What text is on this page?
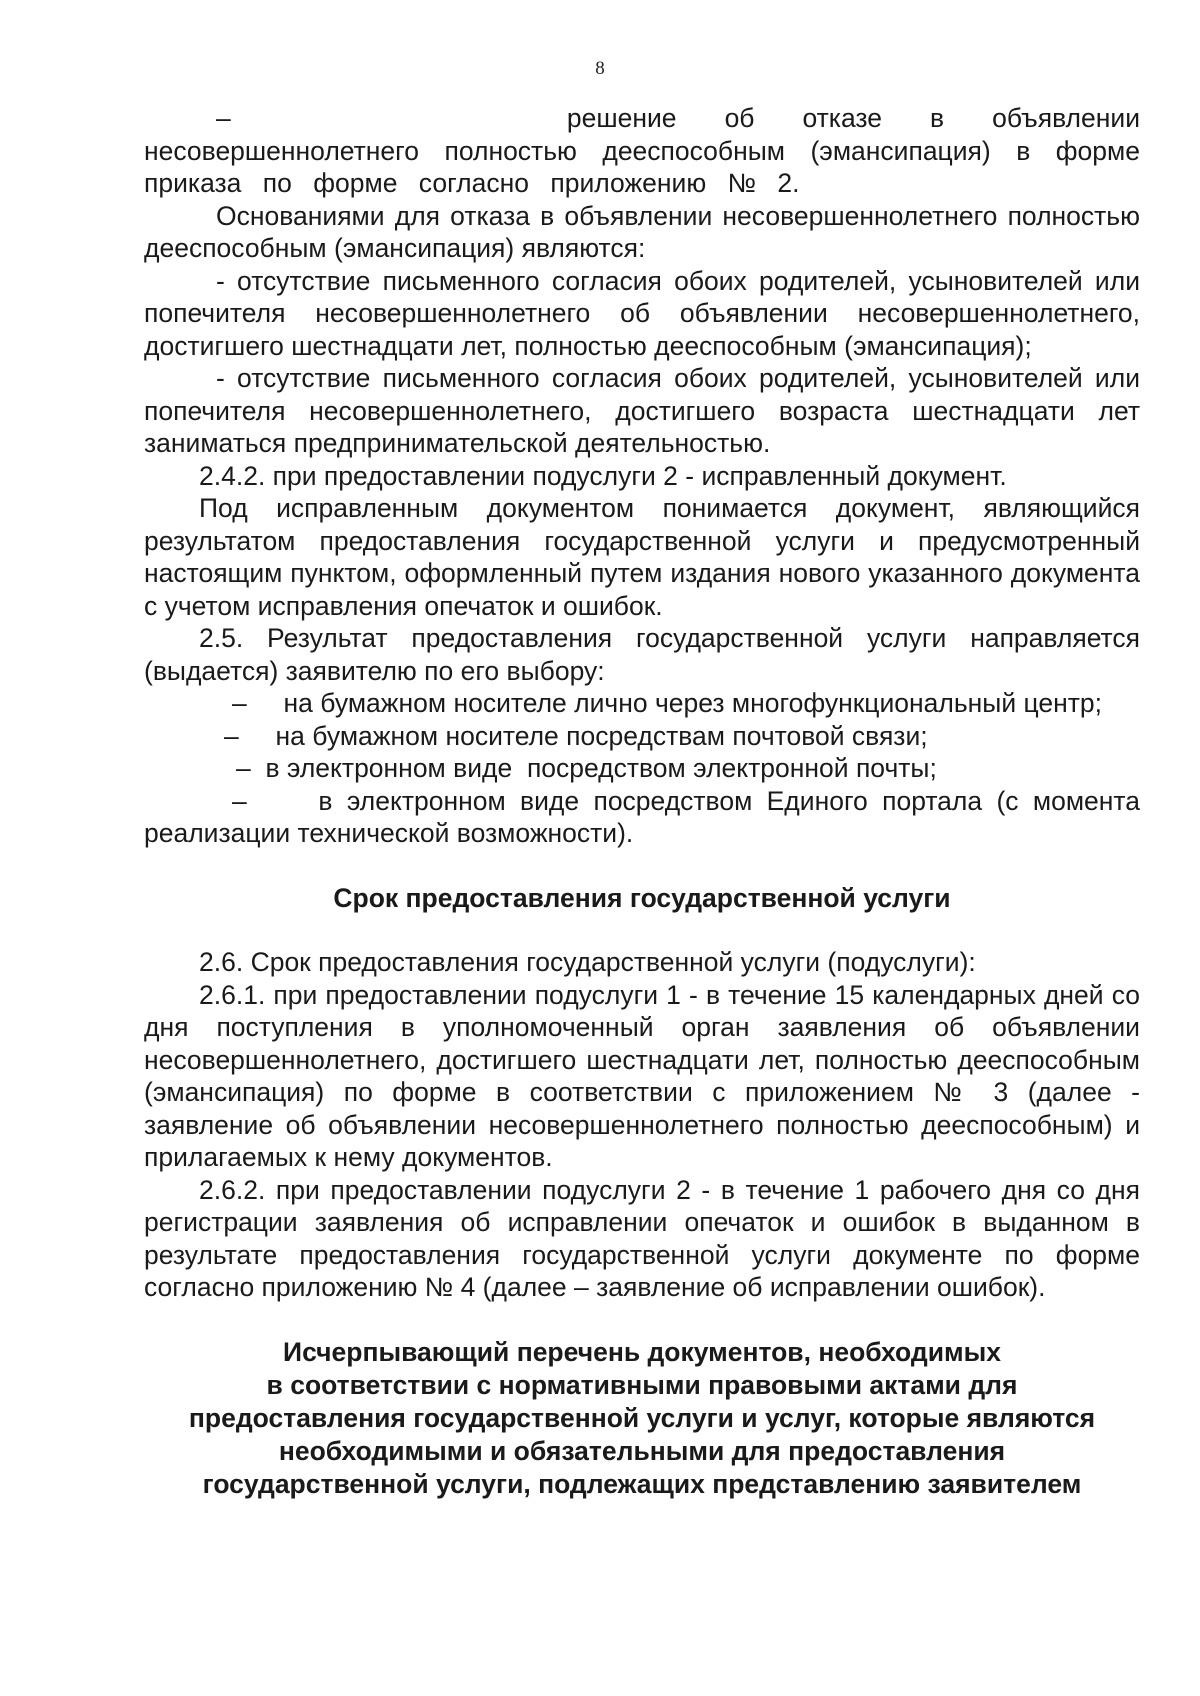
8

–       решение об отказе в объявлении несовершеннолетнего полностью дееспособным (эмансипация) в форме приказа по форме согласно приложению № 2.

Основаниями для отказа в объявлении несовершеннолетнего полностью дееспособным (эмансипация) являются:

- отсутствие письменного согласия обоих родителей, усыновителей или попечителя несовершеннолетнего об объявлении несовершеннолетнего, достигшего шестнадцати лет, полностью дееспособным (эмансипация);

- отсутствие письменного согласия обоих родителей, усыновителей или попечителя несовершеннолетнего, достигшего возраста шестнадцати лет заниматься предпринимательской деятельностью.

2.4.2. при предоставлении подуслуги 2 - исправленный документ.

Под исправленным документом понимается документ, являющийся результатом предоставления государственной услуги и предусмотренный настоящим пунктом, оформленный путем издания нового указанного документа с учетом исправления опечаток и ошибок.

2.5. Результат предоставления государственной услуги направляется (выдается) заявителю по его выбору:

–     на бумажном носителе лично через многофункциональный центр;

–     на бумажном носителе посредствам почтовой связи;

–  в электронном виде  посредством электронной почты;

–     в электронном виде посредством Единого портала (с момента реализации технической возможности).

Срок предоставления государственной услуги

2.6. Срок предоставления государственной услуги (подуслуги):

2.6.1. при предоставлении подуслуги 1 - в течение 15 календарных дней со дня поступления в уполномоченный орган заявления об объявлении несовершеннолетнего, достигшего шестнадцати лет, полностью дееспособным (эмансипация) по форме в соответствии с приложением № 3 (далее - заявление об объявлении несовершеннолетнего полностью дееспособным) и прилагаемых к нему документов.

2.6.2. при предоставлении подуслуги 2 - в течение 1 рабочего дня со дня регистрации заявления об исправлении опечаток и ошибок в выданном в результате предоставления государственной услуги документе по форме согласно приложению № 4 (далее – заявление об исправлении ошибок).

Исчерпывающий перечень документов, необходимых
в соответствии с нормативными правовыми актами для
предоставления государственной услуги и услуг, которые являются
необходимыми и обязательными для предоставления
государственной услуги, подлежащих представлению заявителем
